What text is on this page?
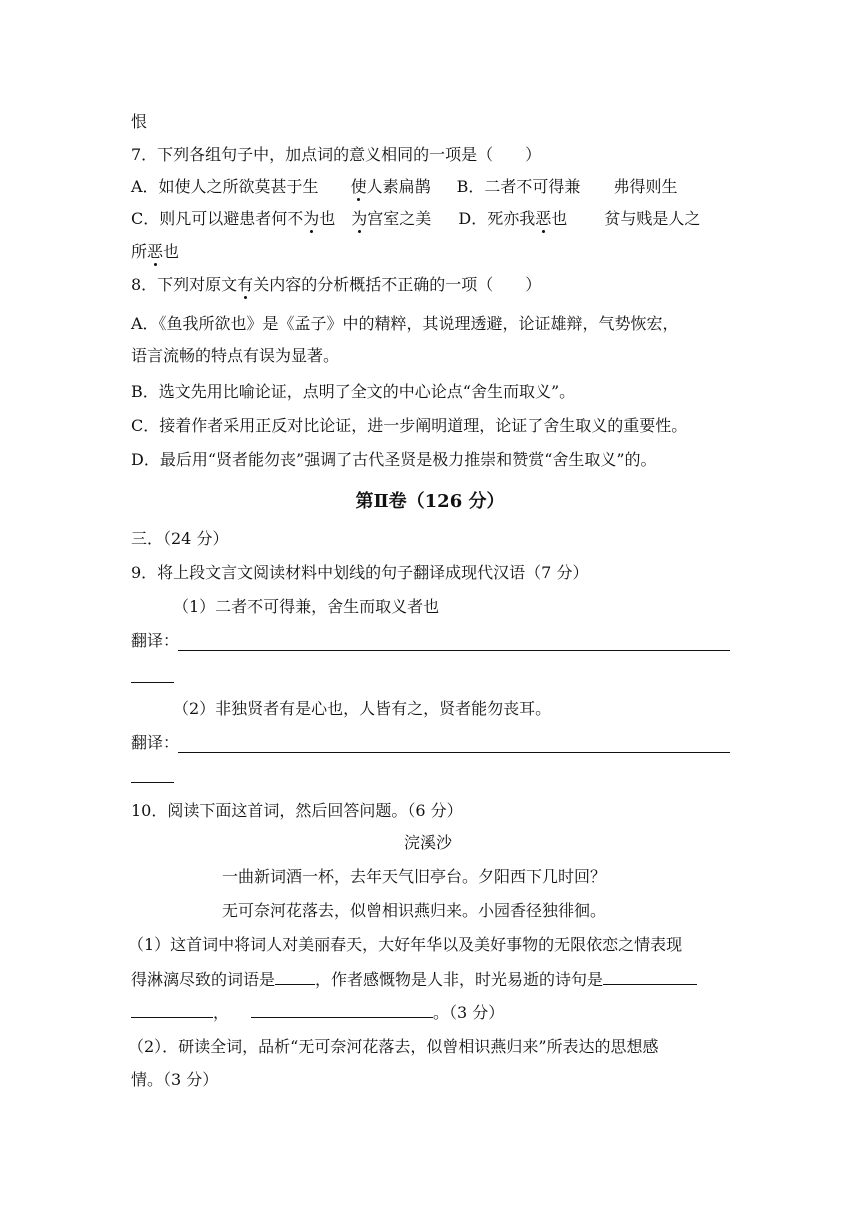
恨
7．下列各组句子中，加点词的意义相同的一项是（　　）
A．如使人之所欲莫甚于生　　使人素扁鹊　B．二者不可得兼　 弗得则生
C．则凡可以避患者何不为也　为宫室之美　 D．死亦我恶也　　 贫与贱是人之
所恶也
8．下列对原文有关内容的分析概括不正确的一项（　　）
A．《鱼我所欲也》是《孟子》中的精粹，其说理透避，论证雄辩，气势恢宏，
语言流畅的特点有误为显著。
B．选文先用比喻论证，点明了全文的中心论点“舍生而取义”。
C．接着作者采用正反对比论证，进一步阐明道理，论证了舍生取义的重要性。
D．最后用“贤者能勿丧”强调了古代圣贤是极力推崇和赞赏“舍生取义”的。
第Ⅱ卷（126 分）
三．（24 分）
9．将上段文言文阅读材料中划线的句子翻译成现代汉语（7 分）
（1）二者不可得兼，舍生而取义者也
翻译：
（2）非独贤者有是心也，人皆有之，贤者能勿丧耳。
翻译：
10．阅读下面这首词，然后回答问题。（6 分）
浣溪沙
一曲新词酒一杯，去年天气旧亭台。夕阳西下几时回？
无可奈河花落去，似曾相识燕归来。小园香径独徘徊。
（1）这首词中将词人对美丽春天，大好年华以及美好事物的无限依恋之情表现
得淋漓尽致的词语是	，作者感慨物是人非，时光易逝的诗句是
，	。（3 分）
（2）．研读全词，品析“无可奈河花落去，似曾相识燕归来”所表达的思想感
情。（3 分）
